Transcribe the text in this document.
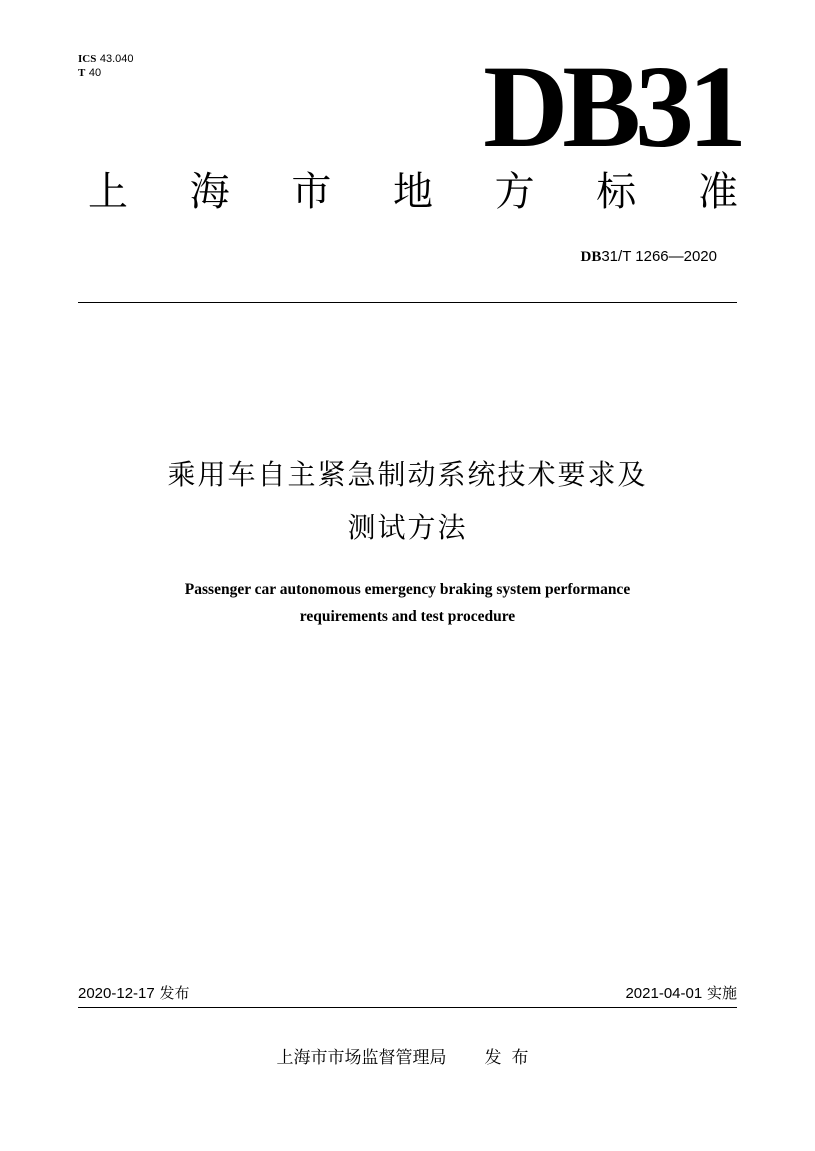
ICS 43.040
T 40	DB31
上 海 市 地 方 标 准
DB31/T 1266—2020
乘用车自主紧急制动系统技术要求及
测试方法
Passenger car autonomous emergency braking system performance
requirements and test procedure
2020-12-17 发布	2021-04-01 实施
上海市市场监督管理局 发布
